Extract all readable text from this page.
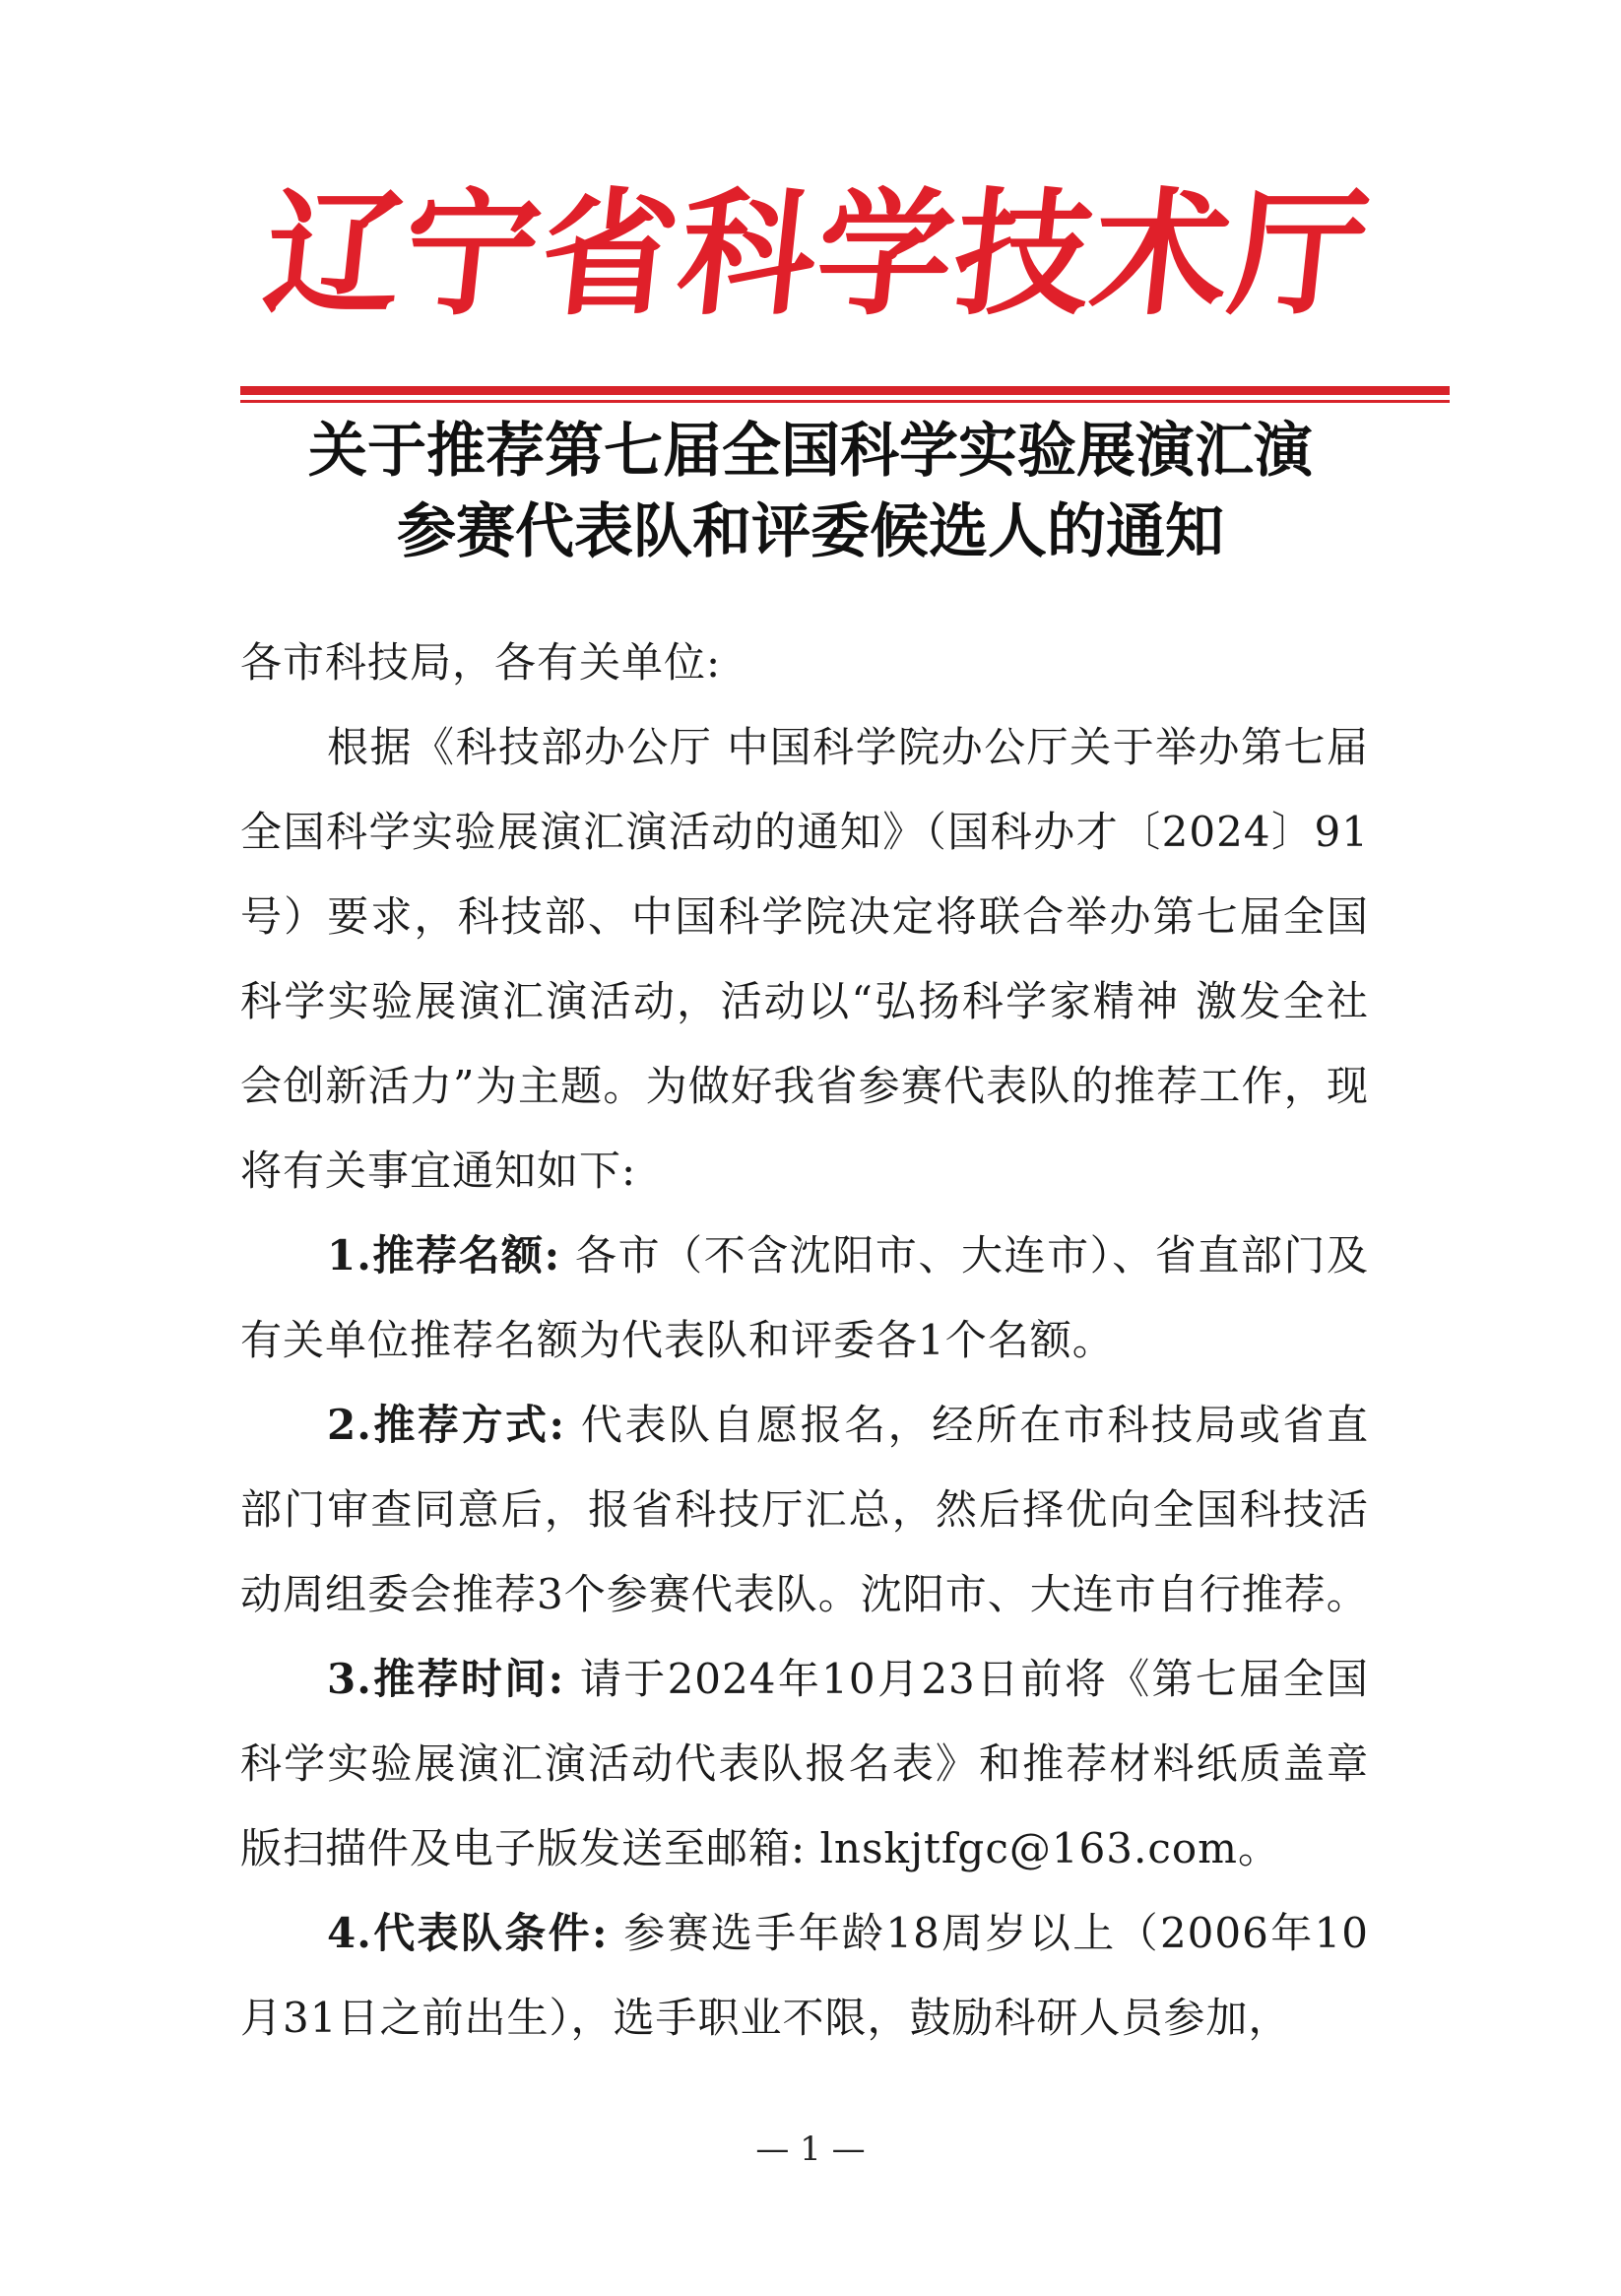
辽宁省科学技术厅
关于推荐第七届全国科学实验展演汇演
参赛代表队和评委候选人的通知

各市科技局，各有关单位:

根据《科技部办公厅 中国科学院办公厅关于举办第七届全国科学实验展演汇演活动的通知》（国科办才〔2024〕91号）要求，科技部、中国科学院决定将联合举办第七届全国科学实验展演汇演活动，活动以“弘扬科学家精神 激发全社会创新活力”为主题。为做好我省参赛代表队的推荐工作，现将有关事宜通知如下:

1.推荐名额: 各市（不含沈阳市、大连市）、省直部门及有关单位推荐名额为代表队和评委各1个名额。

2.推荐方式: 代表队自愿报名，经所在市科技局或省直部门审查同意后，报省科技厅汇总，然后择优向全国科技活动周组委会推荐3个参赛代表队。沈阳市、大连市自行推荐。

3.推荐时间: 请于2024年10月23日前将《第七届全国科学实验展演汇演活动代表队报名表》和推荐材料纸质盖章版扫描件及电子版发送至邮箱: lnskjtfgc@163.com。

4.代表队条件: 参赛选手年龄18周岁以上（2006年10月31日之前出生），选手职业不限，鼓励科研人员参加，

— 1 —
